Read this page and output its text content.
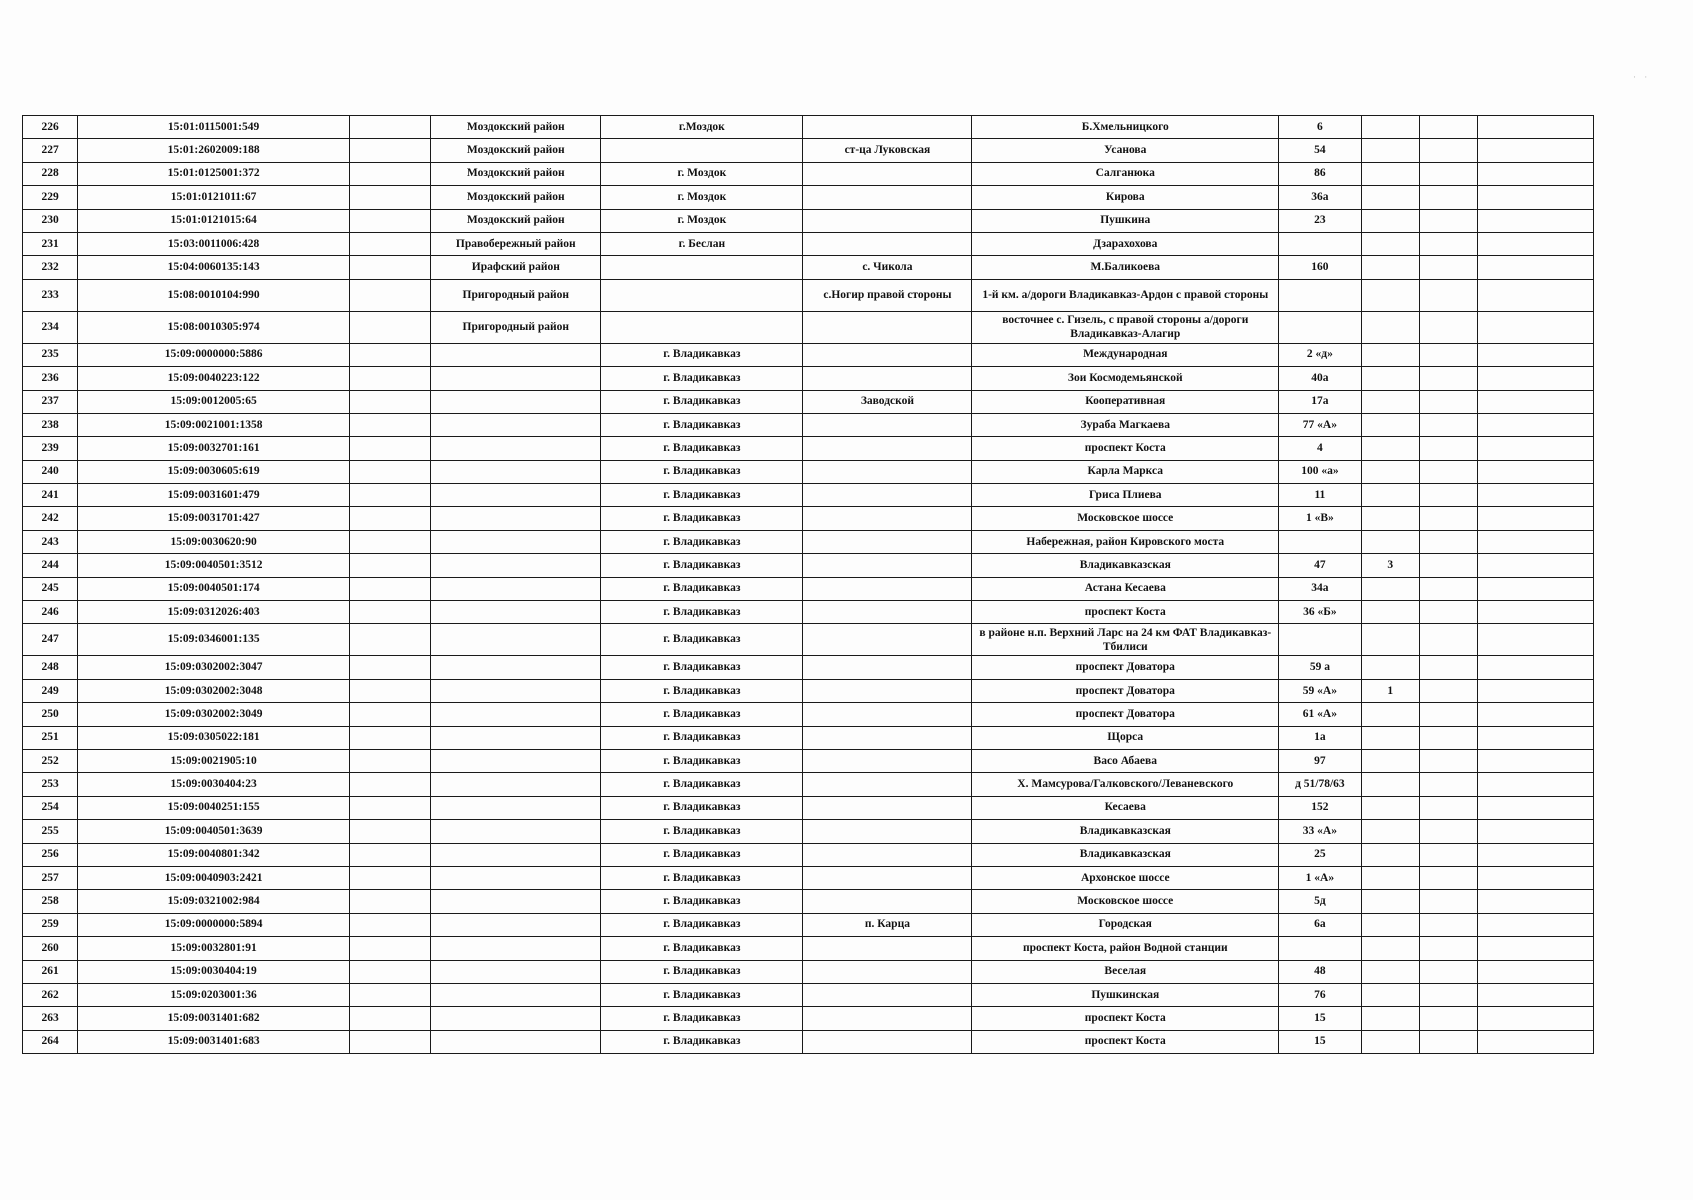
· ·
226	15:01:0115001:549		Моздокский район	г.Моздок		Б.Хмельницкого	6			
227	15:01:2602009:188		Моздокский район		ст-ца Луковская	Усанова	54			
228	15:01:0125001:372		Моздокский район	г. Моздок		Салганюка	86			
229	15:01:0121011:67		Моздокский район	г. Моздок		Кирова	36а			
230	15:01:0121015:64		Моздокский район	г. Моздок		Пушкина	23			
231	15:03:0011006:428		Правобережный район	г. Беслан		Дзарахохова				
232	15:04:0060135:143		Ирафский район		с. Чикола	М.Баликоева	160			
233	15:08:0010104:990		Пригородный район		с.Ногир правой стороны	1-й км. а/дороги Владикавказ-Ардон с правой стороны				
234	15:08:0010305:974		Пригородный район			восточнее с. Гизель, с правой стороны а/дороги Владикавказ-Алагир				
235	15:09:0000000:5886			г. Владикавказ		Международная	2 «д»			
236	15:09:0040223:122			г. Владикавказ		Зои Космодемьянской	40а			
237	15:09:0012005:65			г. Владикавказ	Заводской	Кооперативная	17а			
238	15:09:0021001:1358			г. Владикавказ		Зураба Магкаева	77 «А»			
239	15:09:0032701:161			г. Владикавказ		проспект Коста	4			
240	15:09:0030605:619			г. Владикавказ		Карла Маркса	100 «а»			
241	15:09:0031601:479			г. Владикавказ		Гриса Плиева	11			
242	15:09:0031701:427			г. Владикавказ		Московское шоссе	1 «В»			
243	15:09:0030620:90			г. Владикавказ		Набережная, район Кировского моста				
244	15:09:0040501:3512			г. Владикавказ		Владикавказская	47	3		
245	15:09:0040501:174			г. Владикавказ		Астана Кесаева	34а			
246	15:09:0312026:403			г. Владикавказ		проспект Коста	36 «Б»			
247	15:09:0346001:135			г. Владикавказ		в районе н.п. Верхний Ларс на 24 км ФАТ Владикавказ-Тбилиси				
248	15:09:0302002:3047			г. Владикавказ		проспект Доватора	59 а			
249	15:09:0302002:3048			г. Владикавказ		проспект Доватора	59 «А»	1		
250	15:09:0302002:3049			г. Владикавказ		проспект Доватора	61 «А»			
251	15:09:0305022:181			г. Владикавказ		Щорса	1а			
252	15:09:0021905:10			г. Владикавказ		Васо Абаева	97			
253	15:09:0030404:23			г. Владикавказ		Х. Мамсурова/Галковского/Леваневского	д 51/78/63			
254	15:09:0040251:155			г. Владикавказ		Кесаева	152			
255	15:09:0040501:3639			г. Владикавказ		Владикавказская	33 «А»			
256	15:09:0040801:342			г. Владикавказ		Владикавказская	25			
257	15:09:0040903:2421			г. Владикавказ		Архонское шоссе	1 «А»			
258	15:09:0321002:984			г. Владикавказ		Московское шоссе	5д			
259	15:09:0000000:5894			г. Владикавказ	п. Карца	Городская	6а			
260	15:09:0032801:91			г. Владикавказ		проспект Коста, район Водной станции				
261	15:09:0030404:19			г. Владикавказ		Веселая	48			
262	15:09:0203001:36			г. Владикавказ		Пушкинская	76			
263	15:09:0031401:682			г. Владикавказ		проспект Коста	15			
264	15:09:0031401:683			г. Владикавказ		проспект Коста	15			
